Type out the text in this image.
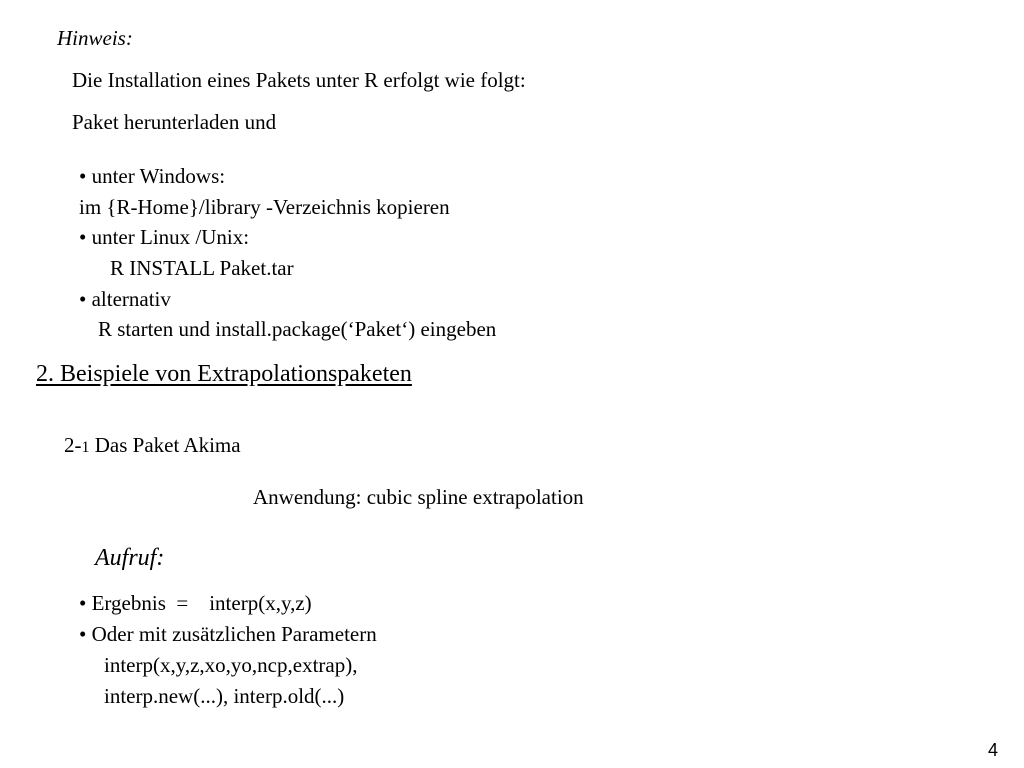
Hinweis:
Die Installation eines Pakets unter R erfolgt wie folgt:
Paket herunterladen und
• unter Windows:
im {R-Home}/library -Verzeichnis kopieren
• unter Linux /Unix:
R INSTALL Paket.tar
• alternativ
R starten und install.package(‘Paket‘) eingeben
2. Beispiele von Extrapolationspaketen
2-1 Das Paket Akima
Anwendung: cubic spline extrapolation
Aufruf:
• Ergebnis  =    interp(x,y,z)
• Oder mit zusätzlichen Parametern
interp(x,y,z,xo,yo,ncp,extrap),
interp.new(...), interp.old(...)
4
